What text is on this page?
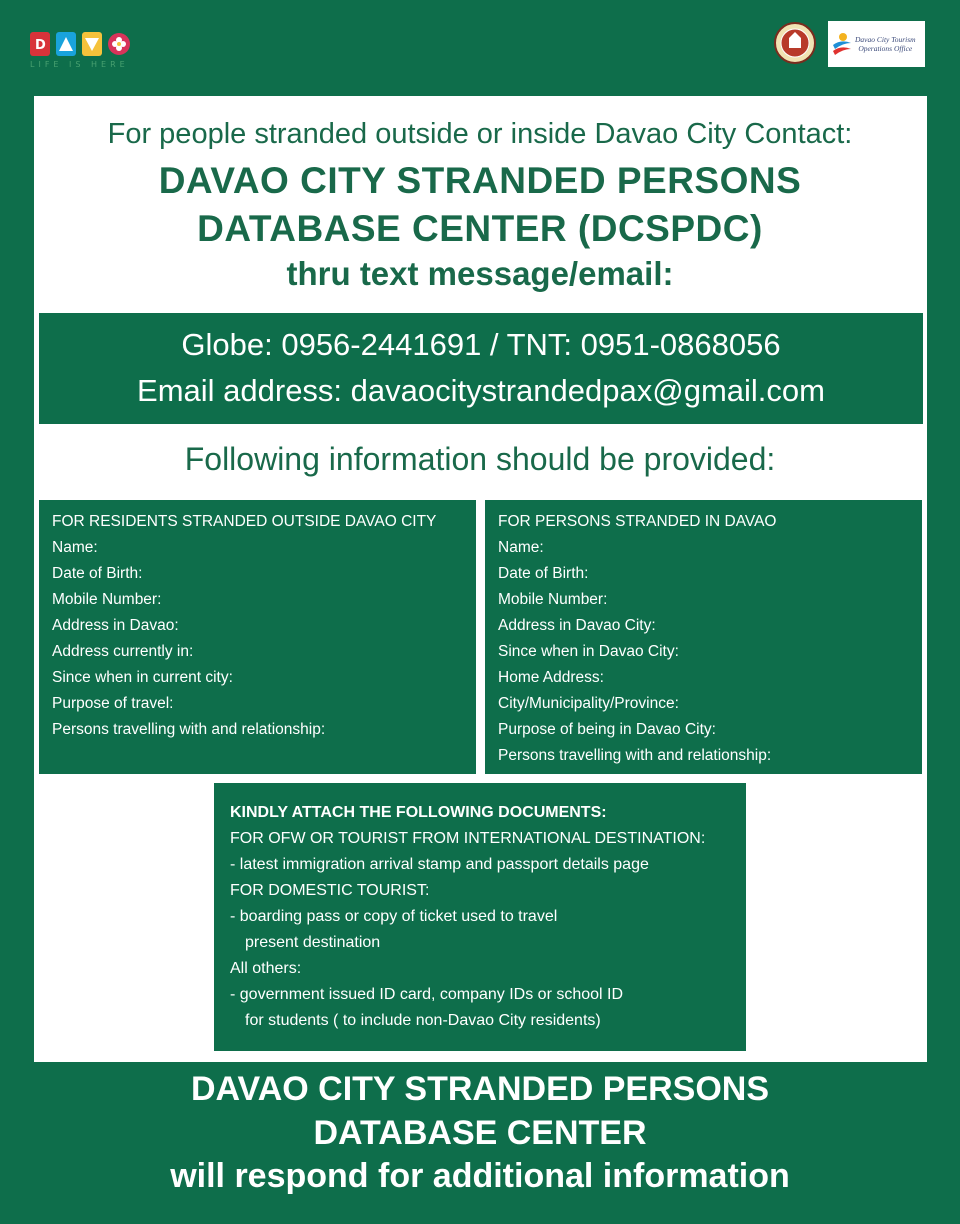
D
LIFE IS HERE
Davao City Tourism
Operations Office
For people stranded outside or inside Davao City Contact:
DAVAO CITY STRANDED PERSONS
DATABASE CENTER (DCSPDC)
thru text message/email:
Globe: 0956-2441691 / TNT: 0951-0868056
Email address: davaocitystrandedpax@gmail.com
Following information should be provided:
FOR RESIDENTS STRANDED OUTSIDE DAVAO CITY
Name:
Date of Birth:
Mobile Number:
Address in Davao:
Address currently in:
Since when in current city:
Purpose of travel:
Persons travelling with and relationship:
FOR PERSONS STRANDED IN DAVAO
Name:
Date of Birth:
Mobile Number:
Address in Davao City:
Since when in Davao City:
Home Address:
City/Municipality/Province:
Purpose of being in Davao City:
Persons travelling with and relationship:
KINDLY ATTACH THE FOLLOWING DOCUMENTS:
FOR OFW OR TOURIST FROM INTERNATIONAL DESTINATION:
- latest immigration arrival stamp and passport details page
FOR DOMESTIC TOURIST:
- boarding pass or copy of ticket used to travel
present destination
All others:
- government issued ID card, company IDs or school ID
for students ( to include non-Davao City residents)
DAVAO CITY STRANDED PERSONS
DATABASE CENTER
will respond for additional information
